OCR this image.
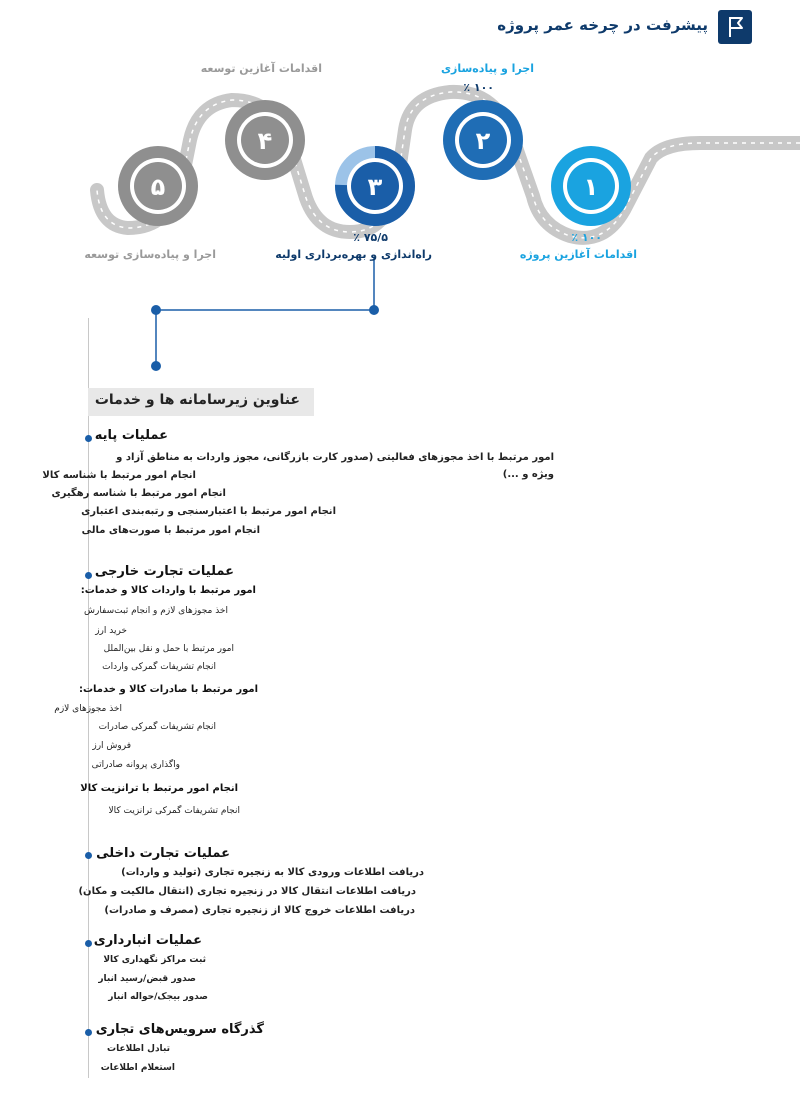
پیشرفت در چرخه عمر پروژه
۱
٪ ۱۰۰
اقدامات آغازین پروژه
۲
اجرا و پیاده‌سازی
٪ ۱۰۰
۳
٪ ۷۵/۵
راه‌اندازی و بهره‌برداری اولیه
۴
اقدامات آغازین توسعه
۵
اجرا و پیاده‌سازی توسعه
عناوین زیرسامانه ها و خدمات
عملیات پایه
امور مرتبط با اخذ مجوزهای فعالیتی (صدور کارت بازرگانی، مجوز واردات به مناطق آزاد و ویژه و ...)
انجام امور مرتبط با شناسه کالا
انجام امور مرتبط با شناسه رهگیری
انجام امور مرتبط با اعتبارسنجی و رتبه‌بندی اعتباری
انجام امور مرتبط با صورت‌های مالی
عملیات تجارت خارجی
امور مرتبط با واردات کالا و خدمات:
اخذ مجوزهای لازم و انجام ثبت‌سفارش
خرید ارز
امور مرتبط با حمل و نقل بین‌الملل
انجام تشریفات گمرکی واردات
امور مرتبط با صادرات کالا و خدمات:
اخذ مجوزهای لازم
انجام تشریفات گمرکی صادرات
فروش ارز
واگذاری پروانه صادراتی
انجام امور مرتبط با ترانزیت کالا
انجام تشریفات گمرکی ترانزیت کالا
عملیات تجارت داخلی
دریافت اطلاعات ورودی کالا به زنجیره تجاری (تولید و واردات)
دریافت اطلاعات انتقال کالا در زنجیره تجاری (انتقال مالکیت و مکان)
دریافت اطلاعات خروج کالا از زنجیره تجاری (مصرف و صادرات)
عملیات انبارداری
ثبت مراکز نگهداری کالا
صدور قبض/رسید انبار
صدور بیجک/حواله انبار
گذرگاه سرویس‌های تجاری
تبادل اطلاعات
استعلام اطلاعات
